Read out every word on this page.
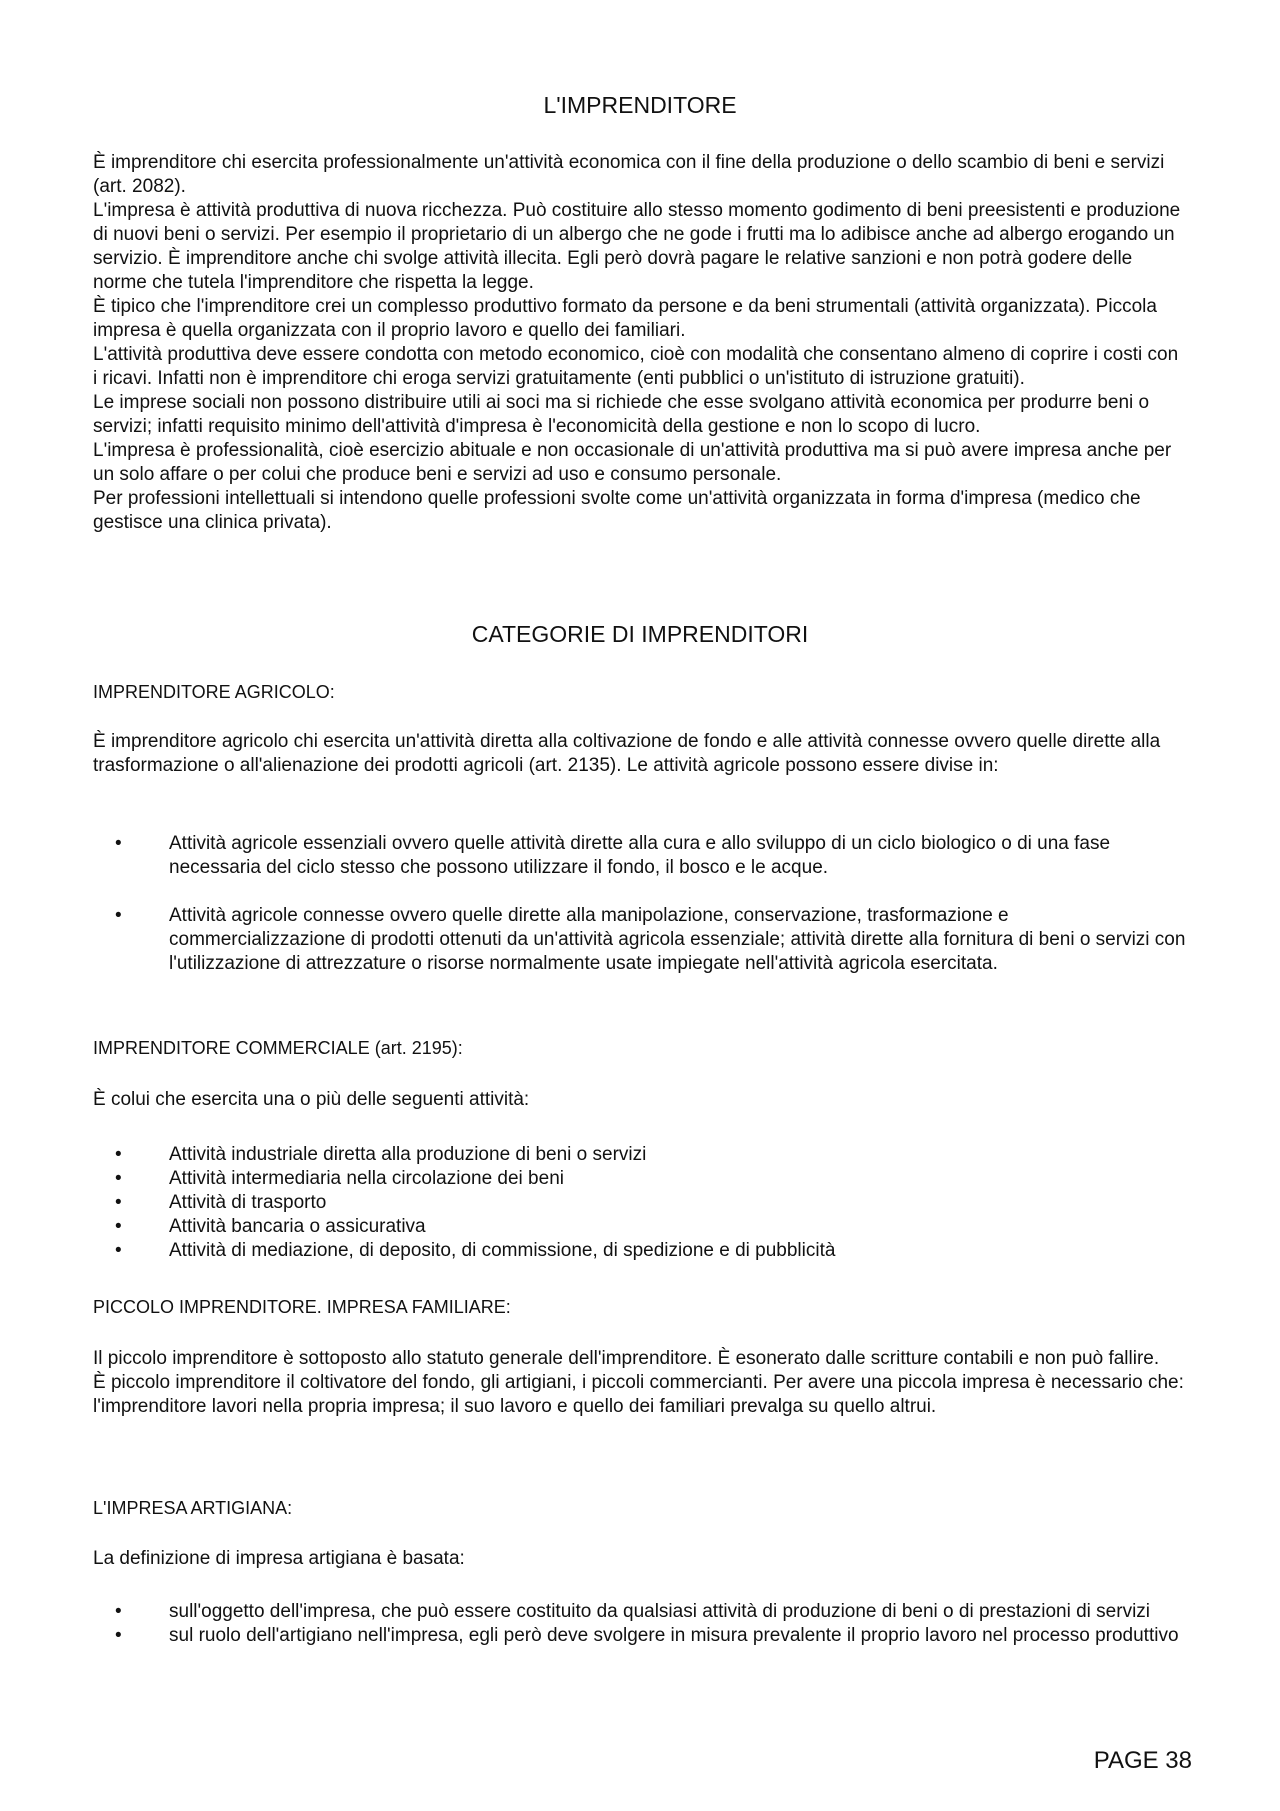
L'IMPRENDITORE

È imprenditore chi esercita professionalmente un'attività economica con il fine della produzione o dello scambio di beni e servizi (art. 2082).

L'impresa è attività produttiva di nuova ricchezza. Può costituire allo stesso momento godimento di beni preesistenti e produzione di nuovi beni o servizi. Per esempio il proprietario di un albergo che ne gode i frutti ma lo adibisce anche ad albergo erogando un servizio. È imprenditore anche chi svolge attività illecita. Egli però dovrà pagare le relative sanzioni e non potrà godere delle norme che tutela l'imprenditore che rispetta la legge.

È tipico che l'imprenditore crei un complesso produttivo formato da persone e da beni strumentali (attività organizzata). Piccola impresa è quella organizzata con il proprio lavoro e quello dei familiari.

L'attività produttiva deve essere condotta con metodo economico, cioè con modalità che consentano almeno di coprire i costi con i ricavi. Infatti non è imprenditore chi eroga servizi gratuitamente (enti pubblici o un'istituto di istruzione gratuiti).

Le imprese sociali non possono distribuire utili ai soci ma si richiede che esse svolgano attività economica per produrre beni o servizi; infatti requisito minimo dell'attività d'impresa è l'economicità della gestione e non lo scopo di lucro.

L'impresa è professionalità, cioè esercizio abituale e non occasionale di un'attività produttiva ma si può avere impresa anche per un solo affare o per colui che produce beni e servizi ad uso e consumo personale.

Per professioni intellettuali si intendono quelle professioni svolte come un'attività organizzata in forma d'impresa (medico che gestisce una clinica privata).

CATEGORIE DI IMPRENDITORI
IMPRENDITORE AGRICOLO:
È imprenditore agricolo chi esercita un'attività diretta alla coltivazione de fondo e alle attività connesse ovvero quelle dirette alla trasformazione o all'alienazione dei prodotti agricoli (art. 2135). Le attività agricole possono essere divise in:
• Attività agricole essenziali ovvero quelle attività dirette alla cura e allo sviluppo di un ciclo biologico o di una fase necessaria del ciclo stesso che possono utilizzare il fondo, il bosco e le acque.
• Attività agricole connesse ovvero quelle dirette alla manipolazione, conservazione, trasformazione e commercializzazione di prodotti ottenuti da un'attività agricola essenziale; attività dirette alla fornitura di beni o servizi con l'utilizzazione di attrezzature o risorse normalmente usate impiegate nell'attività agricola esercitata.
IMPRENDITORE COMMERCIALE (art. 2195):
È colui che esercita una o più delle seguenti attività:
• Attività industriale diretta alla produzione di beni o servizi
• Attività intermediaria nella circolazione dei beni
• Attività di trasporto
• Attività bancaria o assicurativa
• Attività di mediazione, di deposito, di commissione, di spedizione e di pubblicità
PICCOLO IMPRENDITORE. IMPRESA FAMILIARE:

Il piccolo imprenditore è sottoposto allo statuto generale dell'imprenditore. È esonerato dalle scritture contabili e non può fallire.

È piccolo imprenditore il coltivatore del fondo, gli artigiani, i piccoli commercianti. Per avere una piccola impresa è necessario che: l'imprenditore lavori nella propria impresa; il suo lavoro e quello dei familiari prevalga su quello altrui.

L'IMPRESA ARTIGIANA:
La definizione di impresa artigiana è basata:
• sull'oggetto dell'impresa, che può essere costituito da qualsiasi attività di produzione di beni o di prestazioni di servizi
• sul ruolo dell'artigiano nell'impresa, egli però deve svolgere in misura prevalente il proprio lavoro nel processo produttivo
PAGE 38
